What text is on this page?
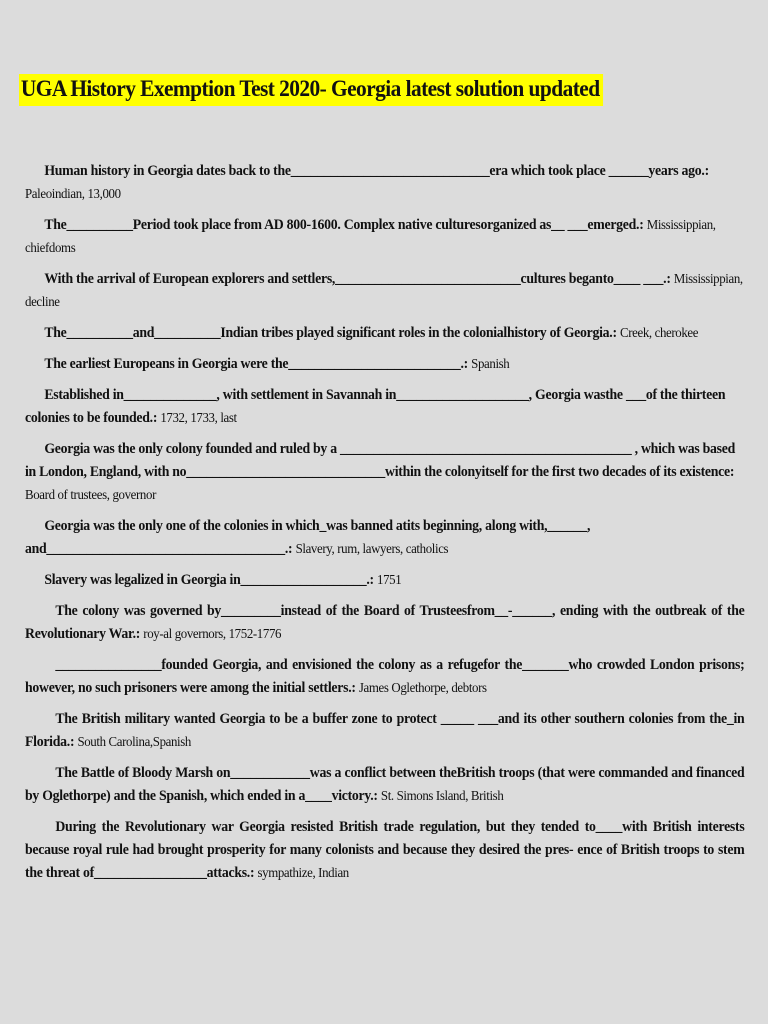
UGA History Exemption Test 2020- Georgia latest solution updated
Human history in Georgia dates back to the______________________________era which took place ______years ago.: Paleoindian, 13,000
The__________Period took place from AD 800-1600. Complex native culturesorganized as__ ___emerged.: Mississippian, chiefdoms
With the arrival of European explorers and settlers,____________________________cultures beganto____ ___.: Mississippian, decline
The__________and__________Indian tribes played significant roles in the colonialhistory of Georgia.: Creek, cherokee
The earliest Europeans in Georgia were the__________________________.: Spanish
Established in______________, with settlement in Savannah in____________________, Georgia wasthe ___of the thirteen colonies to be founded.: 1732, 1733, last
Georgia was the only colony founded and ruled by a ____________________________________________ , which was based in London, England, with no______________________________within the colonyitself for the first two decades of its existence: Board of trustees, governor
Georgia was the only one of the colonies in which_was banned atits beginning, along with,______, and____________________________________.: Slavery, rum, lawyers, catholics
Slavery was legalized in Georgia in___________________.: 1751
The colony was governed by_________instead of the Board of Trusteesfrom__-______, ending with the outbreak of the Revolutionary War.: roy-al governors, 1752-1776
________________founded Georgia, and envisioned the colony as a refugefor the_______who crowded London prisons; however, no such prisoners were among the initial settlers.: James Oglethorpe, debtors
The British military wanted Georgia to be a buffer zone to protect _____ ___and its other southern colonies from the_in Florida.: South Carolina,Spanish
The Battle of Bloody Marsh on____________was a conflict between theBritish troops (that were commanded and financed by Oglethorpe) and the Spanish, which ended in a____victory.: St. Simons Island, British
During the Revolutionary war Georgia resisted British trade regulation, but they tended to____with British interests because royal rule had brought prosperity for many colonists and because they desired the pres- ence of British troops to stem the threat of_________________attacks.: sympathize, Indian
